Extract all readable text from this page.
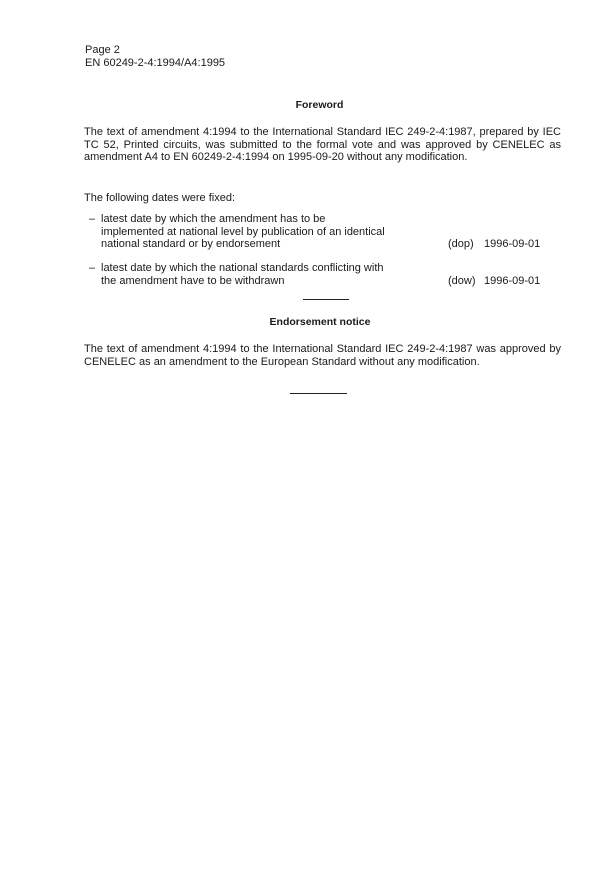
Page 2
EN 60249-2-4:1994/A4:1995
Foreword
The text of amendment 4:1994 to the International Standard IEC 249-2-4:1987, prepared by IEC TC 52, Printed circuits, was submitted to the formal vote and was approved by CENELEC as amendment A4 to EN 60249-2-4:1994 on 1995-09-20 without any modification.
The following dates were fixed:
– latest date by which the amendment has to be implemented at national level by publication of an identical national standard or by endorsement	(dop) 1996-09-01
– latest date by which the national standards conflicting with the amendment have to be withdrawn	(dow) 1996-09-01
Endorsement notice
The text of amendment 4:1994 to the International Standard IEC 249-2-4:1987 was approved by CENELEC as an amendment to the European Standard without any modification.
